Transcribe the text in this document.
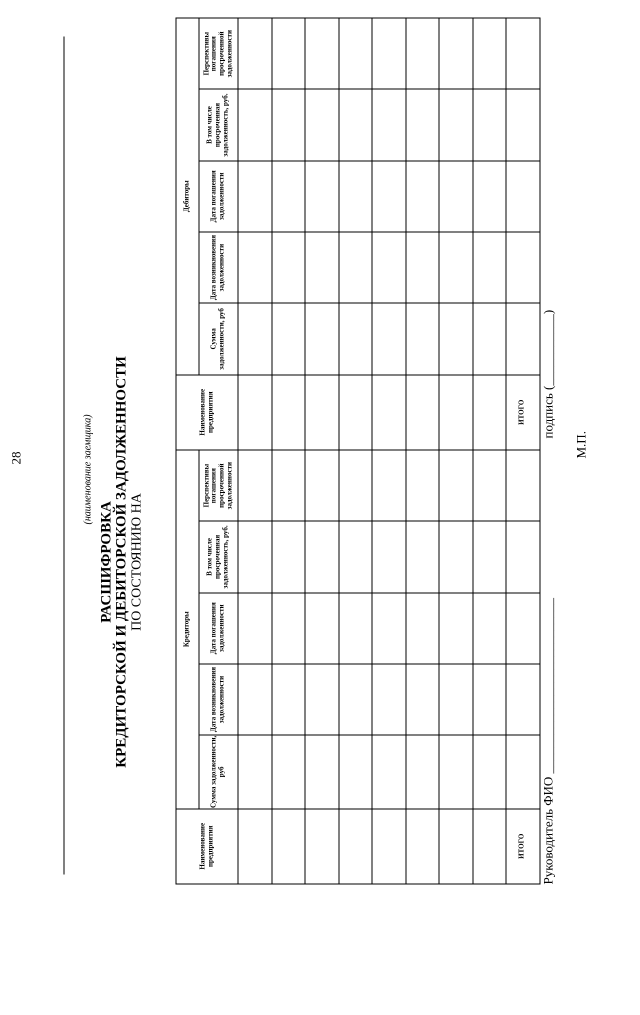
28	(наименование заемщика)
РАСШИФРОВКА КРЕДИТОРСКОЙ И ДЕБИТОРСКОЙ ЗАДОЛЖЕННОСТИ ПО СОСТОЯНИЮ НА
Наименование предприятия	Кредиторы					Наименование предприятия	Дебиторы				
	Сумма задолженности, руб	Дата возникновения задолженности	Дата погашения задолженности	В том числе просроченная задолженность, руб.	Перспективы погашения просроченной задолженности		Сумма задолженности, руб	Дата возникновения задолженности	Дата погашения задолженности	В том числе просроченная задолженность, руб.	Перспективы погашения просроченной задолженности

ИТОГО						ИТОГО					
Руководитель ФИО ___________________________
подпись (___________)
М.П.
